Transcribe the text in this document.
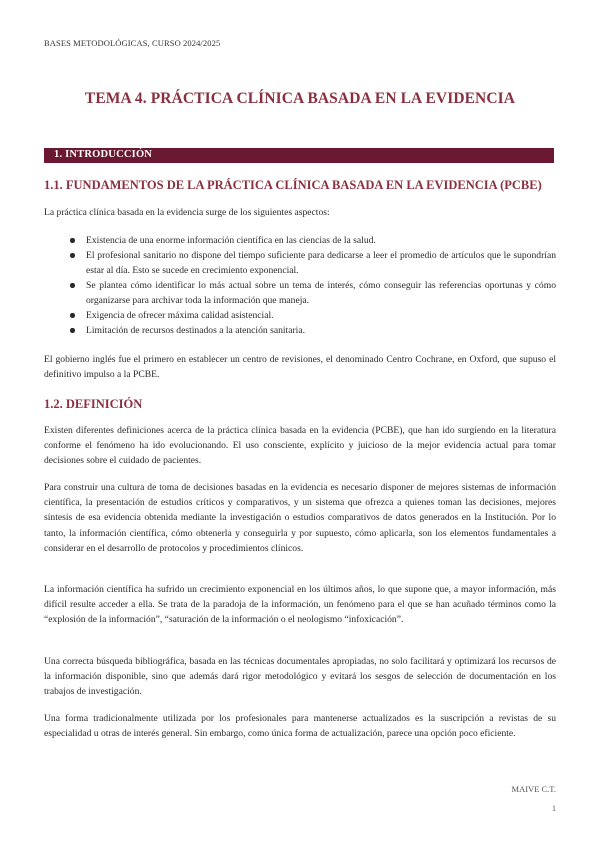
BASES METODOLÓGICAS, CURSO 2024/2025
TEMA 4. PRÁCTICA CLÍNICA BASADA EN LA EVIDENCIA
1. INTRODUCCIÓN
1.1. FUNDAMENTOS DE LA PRÁCTICA CLÍNICA BASADA EN LA EVIDENCIA (PCBE)
La práctica clínica basada en la evidencia surge de los siguientes aspectos:
Existencia de una enorme información científica en las ciencias de la salud.
El profesional sanitario no dispone del tiempo suficiente para dedicarse a leer el promedio de artículos que le supondrían estar al día. Esto se sucede en crecimiento exponencial.
Se plantea cómo identificar lo más actual sobre un tema de interés, cómo conseguir las referencias oportunas y cómo organizarse para archivar toda la información que maneja.
Exigencia de ofrecer máxima calidad asistencial.
Limitación de recursos destinados a la atención sanitaria.
El gobierno inglés fue el primero en establecer un centro de revisiones, el denominado Centro Cochrane, en Oxford, que supuso el definitivo impulso a la PCBE.
1.2. DEFINICIÓN
Existen diferentes definiciones acerca de la práctica clínica basada en la evidencia (PCBE), que han ido surgiendo en la literatura conforme el fenómeno ha ido evolucionando. El uso consciente, explícito y juicioso de la mejor evidencia actual para tomar decisiones sobre el cuidado de pacientes.
Para construir una cultura de toma de decisiones basadas en la evidencia es necesario disponer de mejores sistemas de información científica, la presentación de estudios críticos y comparativos, y un sistema que ofrezca a quienes toman las decisiones, mejores síntesis de esa evidencia obtenida mediante la investigación o estudios comparativos de datos generados en la Institución. Por lo tanto, la información científica, cómo obtenerla y conseguirla y por supuesto, cómo aplicarla, son los elementos fundamentales a considerar en el desarrollo de protocolos y procedimientos clínicos.
La información científica ha sufrido un crecimiento exponencial en los últimos años, lo que supone que, a mayor información, más difícil resulte acceder a ella. Se trata de la paradoja de la información, un fenómeno para el que se han acuñado términos como la “explosión de la información”, “saturación de la información o el neologismo “infoxicación”.
Una correcta búsqueda bibliográfica, basada en las técnicas documentales apropiadas, no solo facilitará y optimizará los recursos de la información disponible, sino que además dará rigor metodológico y evitará los sesgos de selección de documentación en los trabajos de investigación.
Una forma tradicionalmente utilizada por los profesionales para mantenerse actualizados es la suscripción a revistas de su especialidad u otras de interés general. Sin embargo, como única forma de actualización, parece una opción poco eficiente.
MAIVE C.T.
1
